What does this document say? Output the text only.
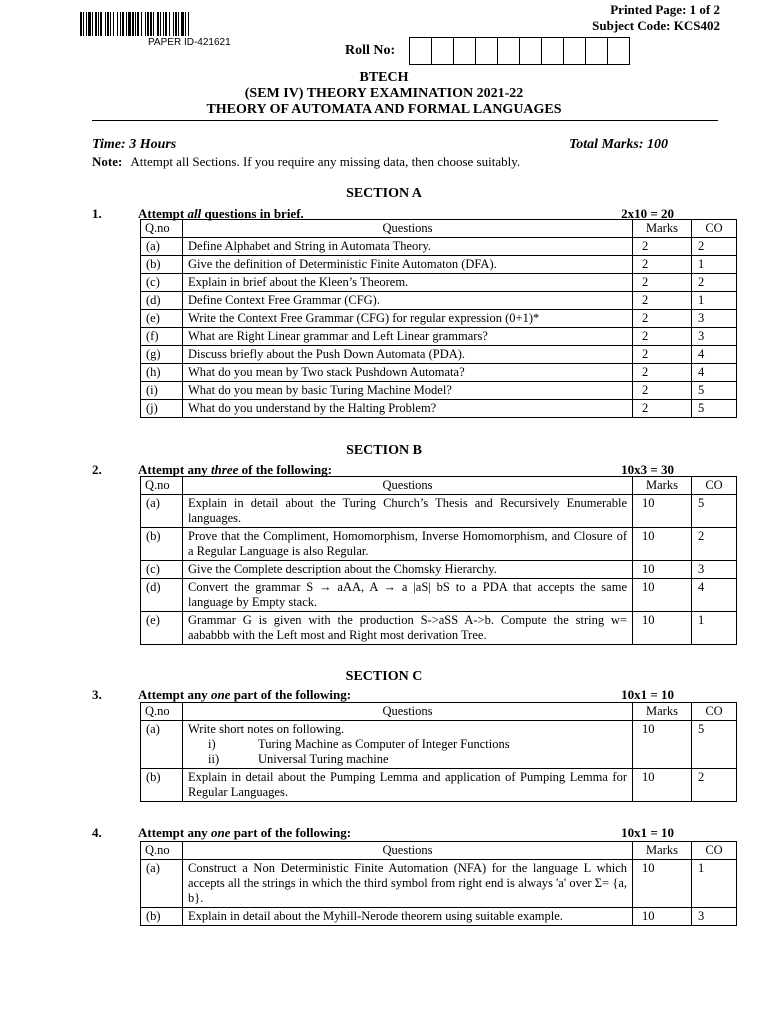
PAPER ID-421621
Printed Page: 1 of 2
Subject Code: KCS402
Roll No:
BTECH
(SEM IV) THEORY EXAMINATION 2021-22
THEORY OF AUTOMATA AND FORMAL LANGUAGES
Time: 3 Hours	Total Marks: 100
Note: Attempt all Sections. If you require any missing data, then choose suitably.
SECTION A
1.	Attempt all questions in brief.	2x10 = 20
Q.no	Questions	Marks	CO
(a)	Define Alphabet and String in Automata Theory.	2	2
(b)	Give the definition of Deterministic Finite Automaton (DFA).	2	1
(c)	Explain in brief about the Kleen’s Theorem.	2	2
(d)	Define Context Free Grammar (CFG).	2	1
(e)	Write the Context Free Grammar (CFG) for regular expression (0+1)*	2	3
(f)	What are Right Linear grammar and Left Linear grammars?	2	3
(g)	Discuss briefly about the Push Down Automata (PDA).	2	4
(h)	What do you mean by Two stack Pushdown Automata?	2	4
(i)	What do you mean by basic Turing Machine Model?	2	5
(j)	What do you understand by the Halting Problem?	2	5
SECTION B
2.	Attempt any three of the following:	10x3 = 30
Q.no	Questions	Marks	CO
(a)	Explain in detail about the Turing Church’s Thesis and Recursively Enumerable languages.	10	5
(b)	Prove that the Compliment, Homomorphism, Inverse Homomorphism, and Closure of a Regular Language is also Regular.	10	2
(c)	Give the Complete description about the Chomsky Hierarchy.	10	3
(d)	Convert the grammar S → aAA, A → a |aS| bS to a PDA that accepts the same language by Empty stack.	10	4
(e)	Grammar G is given with the production S->aSS A->b. Compute the string w= aababbb with the Left most and Right most derivation Tree.	10	1
SECTION C
3.	Attempt any one part of the following:	10x1 = 10
Q.no	Questions	Marks	CO
(a)	Write short notes on following.
i) Turing Machine as Computer of Integer Functions
ii) Universal Turing machine	10	5
(b)	Explain in detail about the Pumping Lemma and application of Pumping Lemma for Regular Languages.	10	2
4.	Attempt any one part of the following:	10x1 = 10
Q.no	Questions	Marks	CO
(a)	Construct a Non Deterministic Finite Automation (NFA) for the language L which accepts all the strings in which the third symbol from right end is always 'a' over Σ= {a, b}.	10	1
(b)	Explain in detail about the Myhill-Nerode theorem using suitable example.	10	3
